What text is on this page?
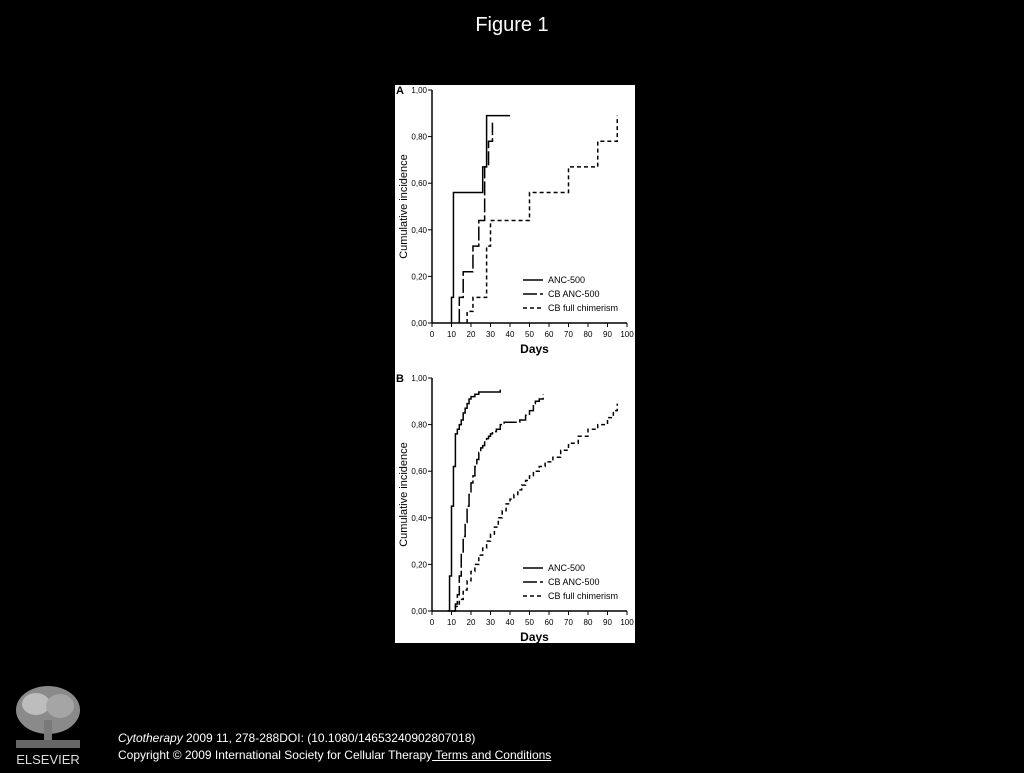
Figure 1
A
0,00
0,20
0,40
0,60
0,80
1,00
0 10 20 30 40 50 60 70 80 90 100
Days
Cumulative incidence
ANC-500
CB ANC-500
CB full chimerism
B
0,00
0,20
0,40
0,60
0,80
1,00
0 10 20 30 40 50 60 70 80 90 100
Days
Cumulative incidence
ANC-500
CB ANC-500
CB full chimerism
ELSEVIER
Cytotherapy 2009 11, 278-288DOI: (10.1080/14653240902807018)
Copyright © 2009 International Society for Cellular Therapy Terms and Conditions
